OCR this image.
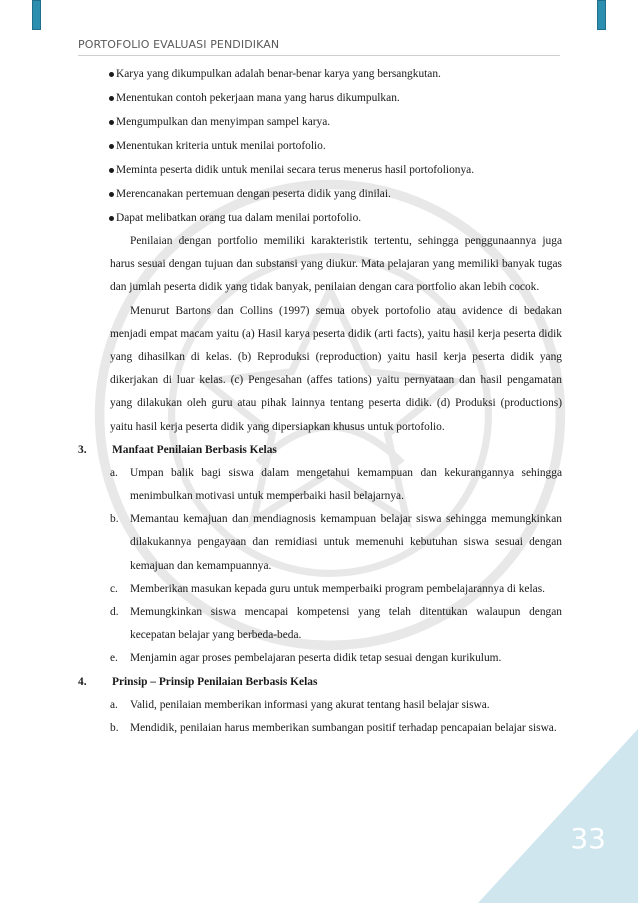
PORTOFOLIO EVALUASI PENDIDIKAN
33
Karya yang dikumpulkan adalah benar-benar karya yang bersangkutan.
Menentukan contoh pekerjaan mana yang harus dikumpulkan.
Mengumpulkan dan menyimpan sampel karya.
Menentukan kriteria untuk menilai portofolio.
Meminta peserta didik untuk menilai secara terus menerus hasil portofolionya.
Merencanakan pertemuan dengan peserta didik yang dinilai.
Dapat melibatkan orang tua dalam menilai portofolio.

Penilaian dengan portfolio memiliki karakteristik tertentu, sehingga penggunaannya juga harus sesuai dengan tujuan dan substansi yang diukur. Mata pelajaran yang memiliki banyak tugas dan jumlah peserta didik yang tidak banyak, penilaian dengan cara portfolio akan lebih cocok.

Menurut Bartons dan Collins (1997) semua obyek portofolio atau avidence di bedakan menjadi empat macam yaitu (a) Hasil karya peserta didik (arti facts), yaitu hasil kerja peserta didik yang dihasilkan di kelas. (b) Reproduksi (reproduction) yaitu hasil kerja peserta didik yang dikerjakan di luar kelas. (c) Pengesahan (affes tations) yaitu pernyataan dan hasil pengamatan yang dilakukan oleh guru atau pihak lainnya tentang peserta didik. (d) Produksi (productions) yaitu hasil kerja peserta didik yang dipersiapkan khusus untuk portofolio.

3. Manfaat Penilaian Berbasis Kelas

a. Umpan balik bagi siswa dalam mengetahui kemampuan dan kekurangannya sehingga menimbulkan motivasi untuk memperbaiki hasil belajarnya.

b. Memantau kemajuan dan mendiagnosis kemampuan belajar siswa sehingga memungkinkan dilakukannya pengayaan dan remidiasi untuk memenuhi kebutuhan siswa sesuai dengan kemajuan dan kemampuannya.

c. Memberikan masukan kepada guru untuk memperbaiki program pembelajarannya di kelas.

d. Memungkinkan siswa mencapai kompetensi yang telah ditentukan walaupun dengan kecepatan belajar yang berbeda-beda.

e. Menjamin agar proses pembelajaran peserta didik tetap sesuai dengan kurikulum.

4. Prinsip – Prinsip Penilaian Berbasis Kelas

a. Valid, penilaian memberikan informasi yang akurat tentang hasil belajar siswa.

b. Mendidik, penilaian harus memberikan sumbangan positif terhadap pencapaian belajar siswa.
